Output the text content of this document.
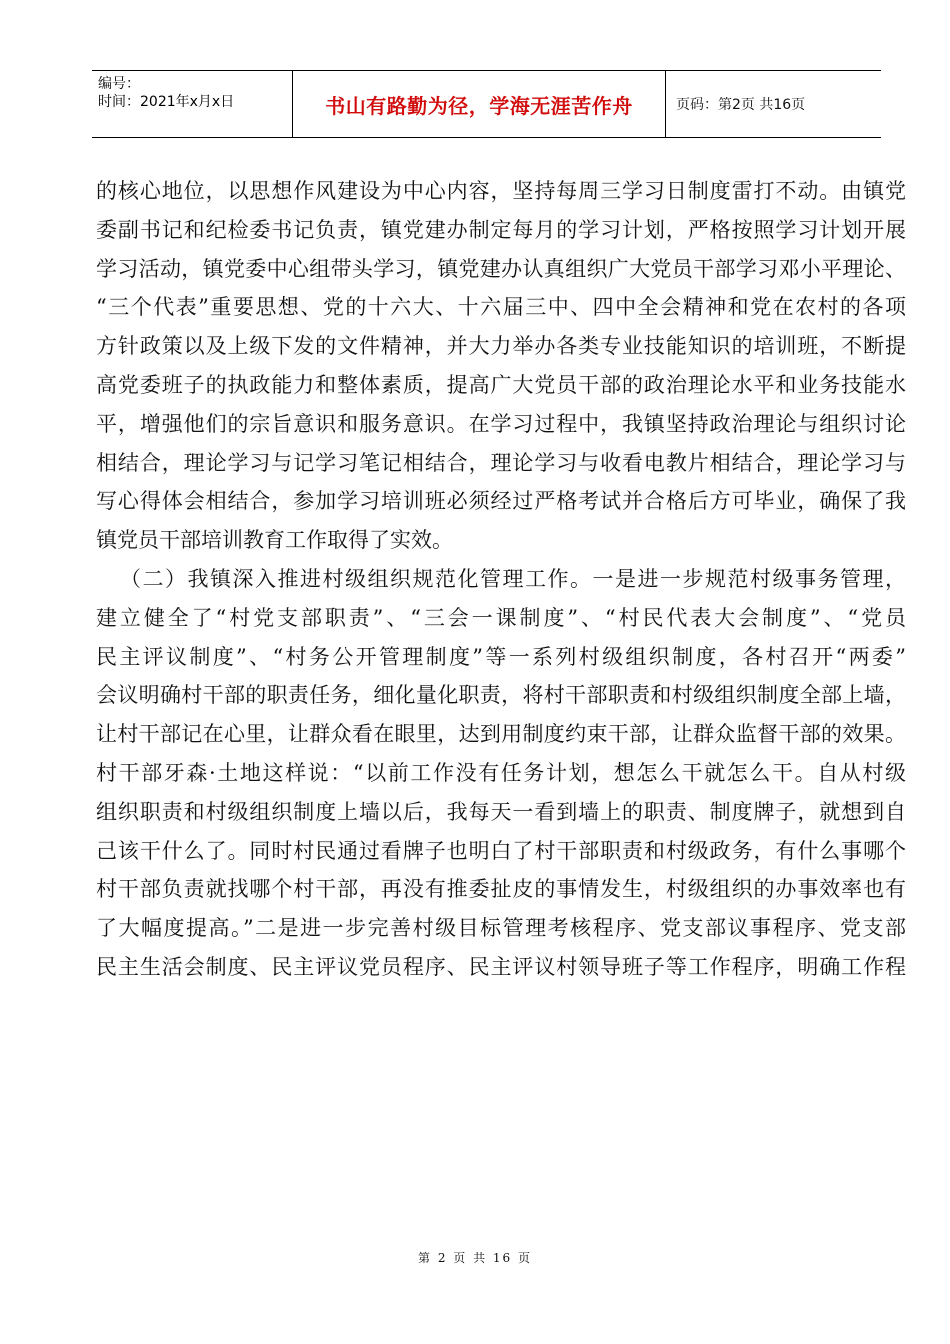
编号：
时间：2021年x月x日	书山有路勤为径，学海无涯苦作舟	页码：第2页 共16页
的核心地位，以思想作风建设为中心内容，坚持每周三学习日制度雷打不动。由镇党
委副书记和纪检委书记负责，镇党建办制定每月的学习计划，严格按照学习计划开展
学习活动，镇党委中心组带头学习，镇党建办认真组织广大党员干部学习邓小平理论、
“三个代表”重要思想、党的十六大、十六届三中、四中全会精神和党在农村的各项
方针政策以及上级下发的文件精神，并大力举办各类专业技能知识的培训班，不断提
高党委班子的执政能力和整体素质，提高广大党员干部的政治理论水平和业务技能水
平，增强他们的宗旨意识和服务意识。在学习过程中，我镇坚持政治理论与组织讨论
相结合，理论学习与记学习笔记相结合，理论学习与收看电教片相结合，理论学习与
写心得体会相结合，参加学习培训班必须经过严格考试并合格后方可毕业，确保了我
镇党员干部培训教育工作取得了实效。
（二）我镇深入推进村级组织规范化管理工作。一是进一步规范村级事务管理，
建立健全了“村党支部职责”、“三会一课制度”、“村民代表大会制度”、“党员
民主评议制度”、“村务公开管理制度”等一系列村级组织制度，各村召开“两委”
会议明确村干部的职责任务，细化量化职责，将村干部职责和村级组织制度全部上墙，
让村干部记在心里，让群众看在眼里，达到用制度约束干部，让群众监督干部的效果。
村干部牙森·土地这样说：“以前工作没有任务计划，想怎么干就怎么干。自从村级
组织职责和村级组织制度上墙以后，我每天一看到墙上的职责、制度牌子，就想到自
己该干什么了。同时村民通过看牌子也明白了村干部职责和村级政务，有什么事哪个
村干部负责就找哪个村干部，再没有推委扯皮的事情发生，村级组织的办事效率也有
了大幅度提高。”二是进一步完善村级目标管理考核程序、党支部议事程序、党支部
民主生活会制度、民主评议党员程序、民主评议村领导班子等工作程序，明确工作程
第 2 页 共 16 页
